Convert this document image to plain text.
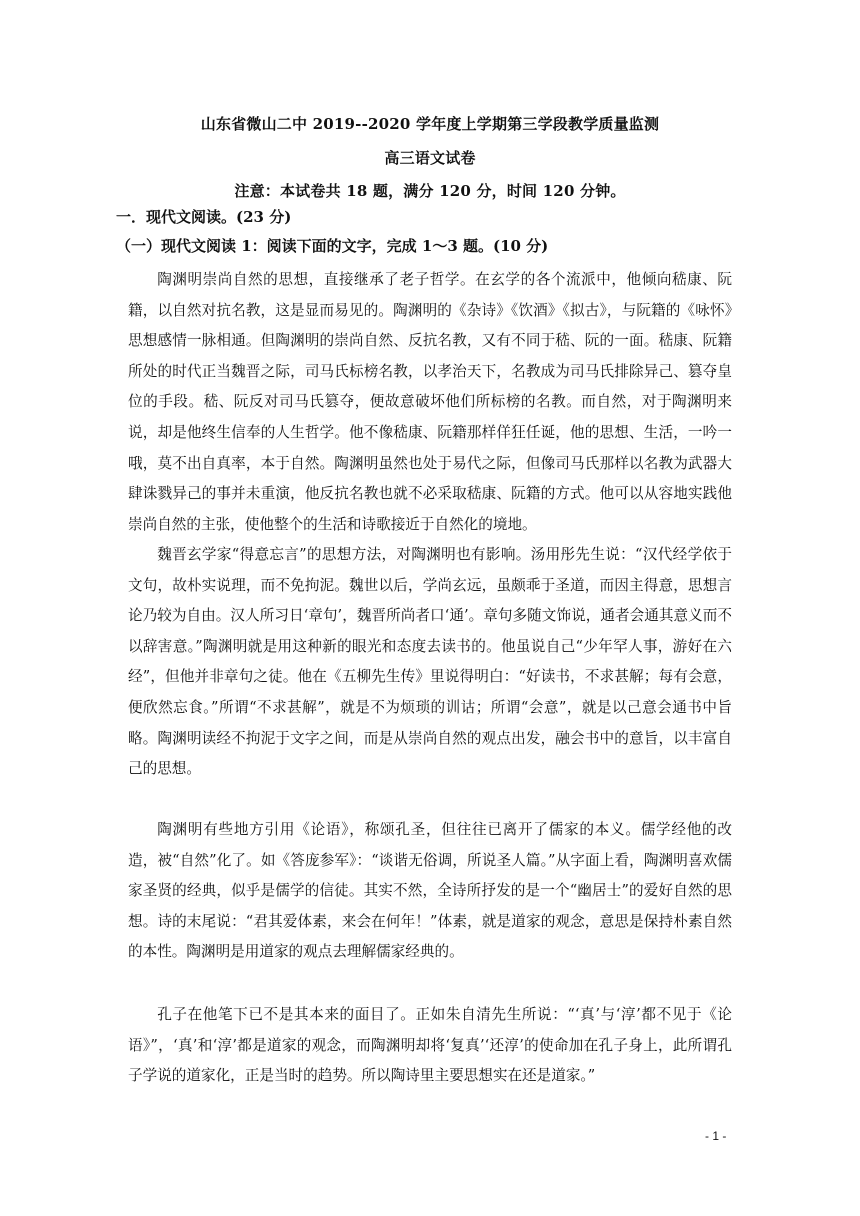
山东省微山二中 2019--2020 学年度上学期第三学段教学质量监测
高三语文试卷
注意：本试卷共 18 题，满分 120 分，时间 120 分钟。
一．现代文阅读。(23 分)
（一）现代文阅读 1：阅读下面的文字，完成 1～3 题。(10 分)

陶渊明崇尚自然的思想，直接继承了老子哲学。在玄学的各个流派中，他倾向嵇康、阮籍，以自然对抗名教，这是显而易见的。陶渊明的《杂诗》《饮酒》《拟古》，与阮籍的《咏怀》思想感情一脉相通。但陶渊明的崇尚自然、反抗名教，又有不同于嵇、阮的一面。嵇康、阮籍所处的时代正当魏晋之际，司马氏标榜名教，以孝治天下，名教成为司马氏排除异己、篡夺皇位的手段。嵇、阮反对司马氏篡夺，便故意破坏他们所标榜的名教。而自然，对于陶渊明来说，却是他终生信奉的人生哲学。他不像嵇康、阮籍那样佯狂任诞，他的思想、生活，一吟一哦，莫不出自真率，本于自然。陶渊明虽然也处于易代之际，但像司马氏那样以名教为武器大肆诛戮异己的事并未重演，他反抗名教也就不必采取嵇康、阮籍的方式。他可以从容地实践他崇尚自然的主张，使他整个的生活和诗歌接近于自然化的境地。

魏晋玄学家“得意忘言”的思想方法，对陶渊明也有影响。汤用彤先生说：“汉代经学依于文句，故朴实说理，而不免拘泥。魏世以后，学尚玄远，虽颇乖于圣道，而因主得意，思想言论乃较为自由。汉人所习日‘章句’，魏晋所尚者口‘通’。章句多随文饰说，通者会通其意义而不以辞害意。”陶渊明就是用这种新的眼光和态度去读书的。他虽说自己“少年罕人事，游好在六经”，但他并非章句之徒。他在《五柳先生传》里说得明白：“好读书，不求甚解；每有会意，便欣然忘食。”所谓“不求甚解”，就是不为烦琐的训诂；所谓“会意”，就是以己意会通书中旨略。陶渊明读经不拘泥于文字之间，而是从崇尚自然的观点出发，融会书中的意旨，以丰富自己的思想。

陶渊明有些地方引用《论语》，称颂孔圣，但往往已离开了儒家的本义。儒学经他的改造，被“自然”化了。如《答庞参军》：“谈谐无俗调，所说圣人篇。”从字面上看，陶渊明喜欢儒家圣贤的经典，似乎是儒学的信徒。其实不然，全诗所抒发的是一个“幽居士”的爱好自然的思想。诗的末尾说：“君其爱体素，来会在何年！”体素，就是道家的观念，意思是保持朴素自然的本性。陶渊明是用道家的观点去理解儒家经典的。

孔子在他笔下已不是其本来的面目了。正如朱自清先生所说：“‘真’与‘淳’都不见于《论语》”，‘真’和‘淳’都是道家的观念，而陶渊明却将‘复真’‘还淳’的使命加在孔子身上，此所谓孔子学说的道家化，正是当时的趋势。所以陶诗里主要思想实在还是道家。”

- 1 -
